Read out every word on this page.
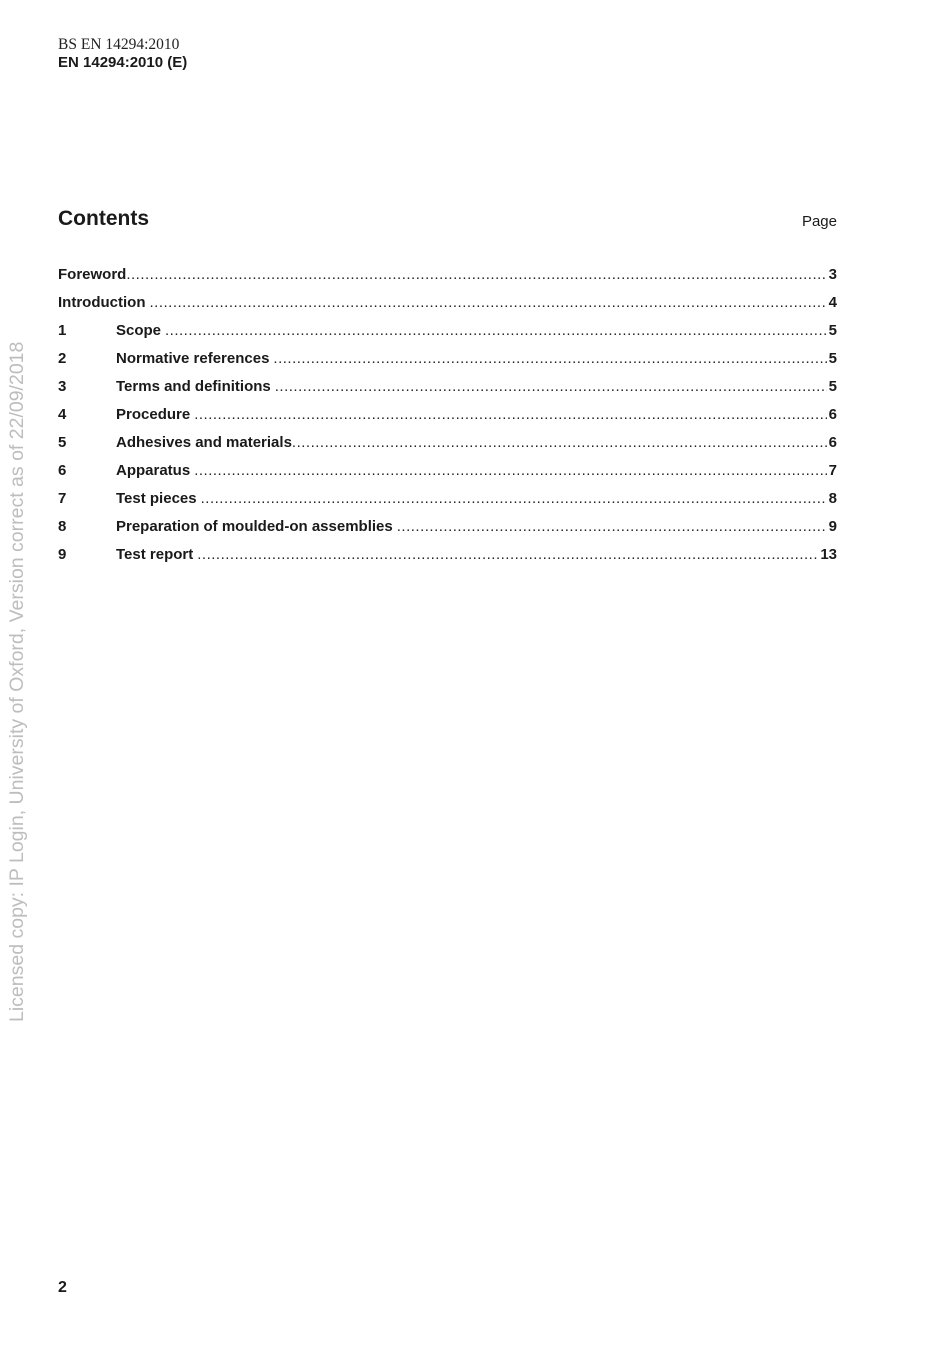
BS EN 14294:2010
EN 14294:2010 (E)
Contents	Page
Foreword .....	3
Introduction .....	4
1	Scope .....	5
2	Normative references .....	5
3	Terms and definitions .....	5
4	Procedure .....	6
5	Adhesives and materials .....	6
6	Apparatus .....	7
7	Test pieces .....	8
8	Preparation of moulded-on assemblies .....	9
9	Test report .....	13
Licensed copy: IP Login, University of Oxford, Version correct as of 22/09/2018
2
